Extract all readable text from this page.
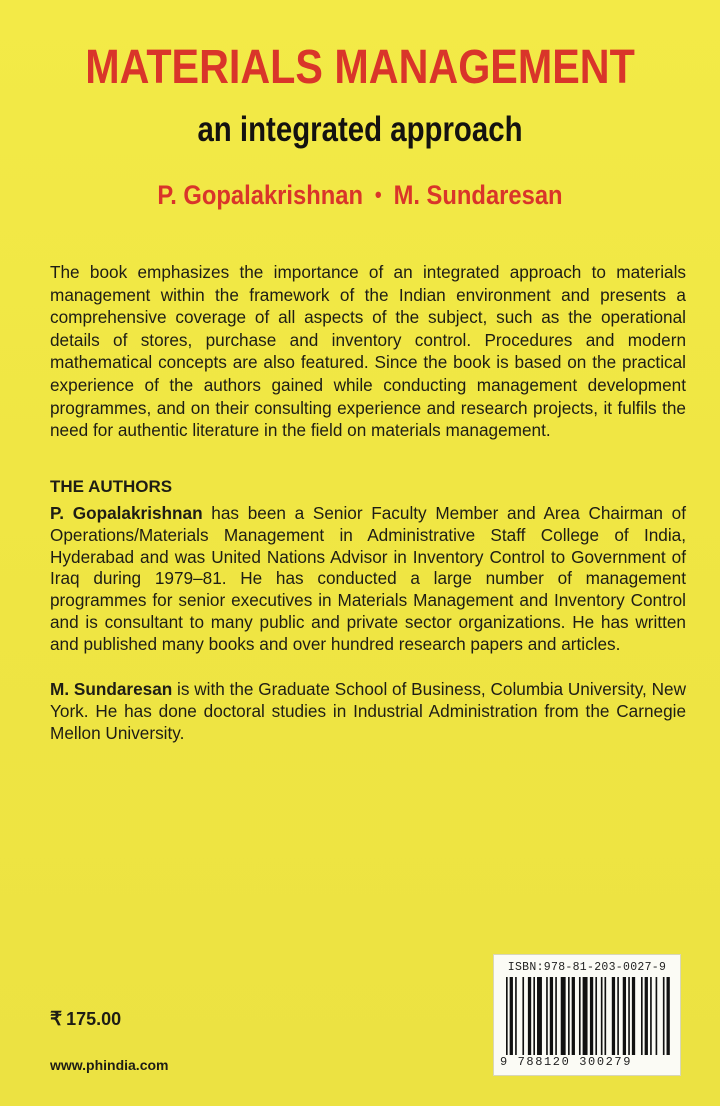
MATERIALS MANAGEMENT
an integrated approach
P. Gopalakrishnan • M. Sundaresan
The book emphasizes the importance of an integrated approach to materials management within the framework of the Indian environment and presents a comprehensive coverage of all aspects of the subject, such as the operational details of stores, purchase and inventory control. Procedures and modern mathematical concepts are also featured. Since the book is based on the practical experience of the authors gained while conducting management development programmes, and on their consulting experience and research projects, it fulfils the need for authentic literature in the field on materials management.
THE AUTHORS
P. Gopalakrishnan has been a Senior Faculty Member and Area Chairman of Operations/Materials Management in Administrative Staff College of India, Hyderabad and was United Nations Advisor in Inventory Control to Government of Iraq during 1979–81. He has conducted a large number of management programmes for senior executives in Materials Management and Inventory Control and is consultant to many public and private sector organizations. He has written and published many books and over hundred research papers and articles.
M. Sundaresan is with the Graduate School of Business, Columbia University, New York. He has done doctoral studies in Industrial Administration from the Carnegie Mellon University.
₹ 175.00
www.phindia.com
ISBN:978-81-203-0027-9
9 788120 300279
